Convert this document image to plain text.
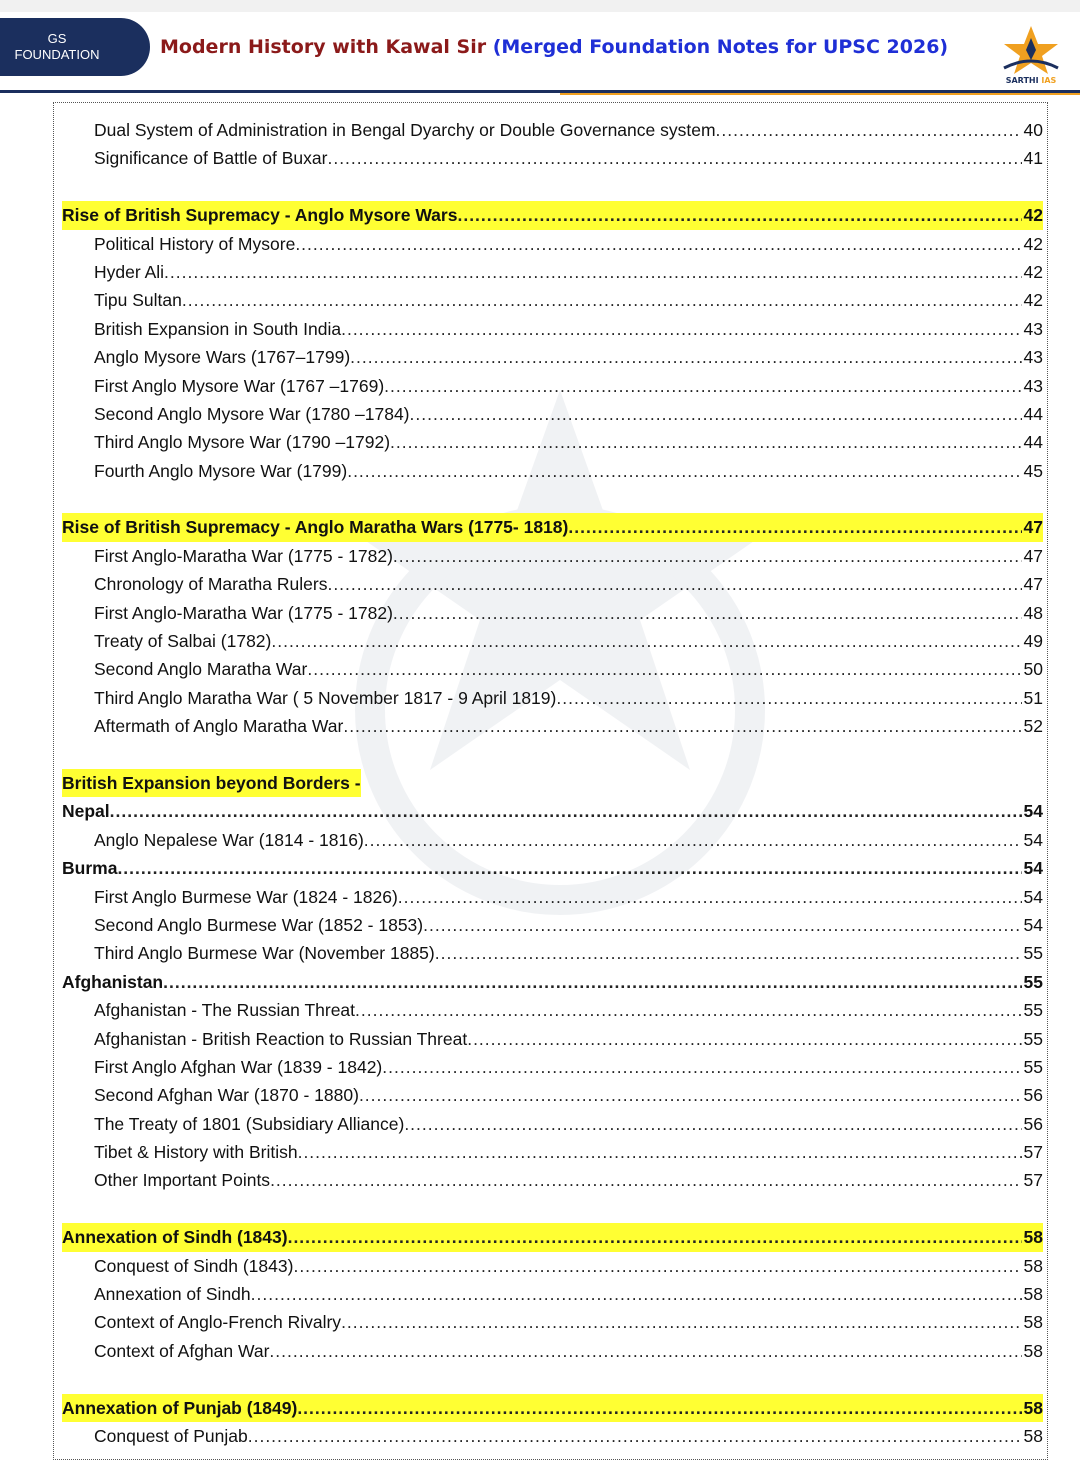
GS
FOUNDATION	Modern History with Kawal Sir (Merged Foundation Notes for UPSC 2026)
SARTHI IAS
Dual System of Administration in Bengal Dyarchy or Double Governance system .....	40
Significance of Battle of Buxar .....	41
Rise of British Supremacy - Anglo Mysore Wars .....	42
Political History of Mysore .....	42
Hyder Ali .....	42
Tipu Sultan .....	42
British Expansion in South India .....	43
Anglo Mysore Wars (1767–1799) .....	43
First Anglo Mysore War (1767 –1769) .....	43
Second Anglo Mysore War (1780 –1784) .....	44
Third Anglo Mysore War (1790 –1792) .....	44
Fourth Anglo Mysore War (1799) .....	45
Rise of British Supremacy - Anglo Maratha Wars (1775- 1818) .....	47
First Anglo-Maratha War (1775 - 1782) .....	47
Chronology of Maratha Rulers .....	47
First Anglo-Maratha War (1775 - 1782) .....	48
Treaty of Salbai (1782) .....	49
Second Anglo Maratha War .....	50
Third Anglo Maratha War ( 5 November 1817 - 9 April 1819) .....	51
Aftermath of Anglo Maratha War .....	52
British Expansion beyond Borders -
Nepal .....	54
Anglo Nepalese War (1814 - 1816) .....	54
Burma .....	54
First Anglo Burmese War (1824 - 1826) .....	54
Second Anglo Burmese War (1852 - 1853) .....	54
Third Anglo Burmese War (November 1885) .....	55
Afghanistan .....	55
Afghanistan - The Russian Threat .....	55
Afghanistan - British Reaction to Russian Threat .....	55
First Anglo Afghan War (1839 - 1842) .....	55
Second Afghan War (1870 - 1880) .....	56
The Treaty of 1801 (Subsidiary Alliance) .....	56
Tibet & History with British .....	57
Other Important Points .....	57
Annexation of Sindh (1843) .....	58
Conquest of Sindh (1843) .....	58
Annexation of Sindh .....	58
Context of Anglo-French Rivalry .....	58
Context of Afghan War .....	58
Annexation of Punjab (1849) .....	58
Conquest of Punjab .....	58
